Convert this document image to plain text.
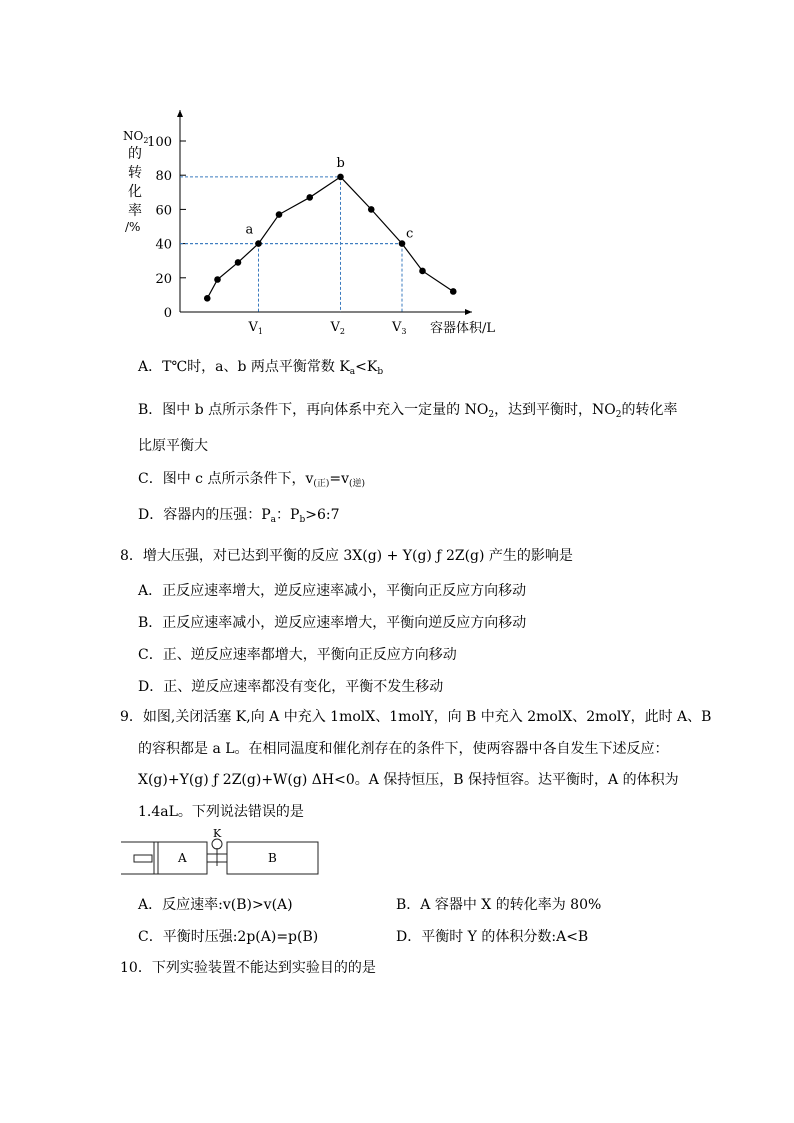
0
20
40
60
80
100
$NO_2$
的
转
化
率
/%
$V_1$	$V_2$	$V_3$
a
b
c
容器体积/L
A．T℃时，a、b 两点平衡常数 $K_a<K_b$
B．图中 b 点所示条件下，再向体系中充入一定量的 $NO_2$，达到平衡时，$NO_2$的转化率
比原平衡大
C．图中 c 点所示条件下，$v_{(正)}=v_{(逆)}$
D．容器内的压强：$P_a$：$P_b>6:7$
8．增大压强，对已达到平衡的反应 3X(g) + Y(g) ƒ 2Z(g) 产生的影响是
A．正反应速率增大，逆反应速率减小，平衡向正反应方向移动
B．正反应速率减小，逆反应速率增大，平衡向逆反应方向移动
C．正、逆反应速率都增大，平衡向正反应方向移动
D．正、逆反应速率都没有变化，平衡不发生移动
9．如图,关闭活塞 K,向 A 中充入 1molX、1molY，向 B 中充入 2molX、2molY，此时 A、B
的容积都是 a L。在相同温度和催化剂存在的条件下，使两容器中各自发生下述反应：
X(g)+Y(g) ƒ 2Z(g)+W(g) ΔH<0。A 保持恒压，B 保持恒容。达平衡时，A 的体积为
1.4aL。下列说法错误的是
K
A	B
A．反应速率:v(B)>v(A)	B．A 容器中 X 的转化率为 80%
C．平衡时压强:2p(A)=p(B)	D．平衡时 Y 的体积分数:A<B
10．下列实验装置不能达到实验目的的是
